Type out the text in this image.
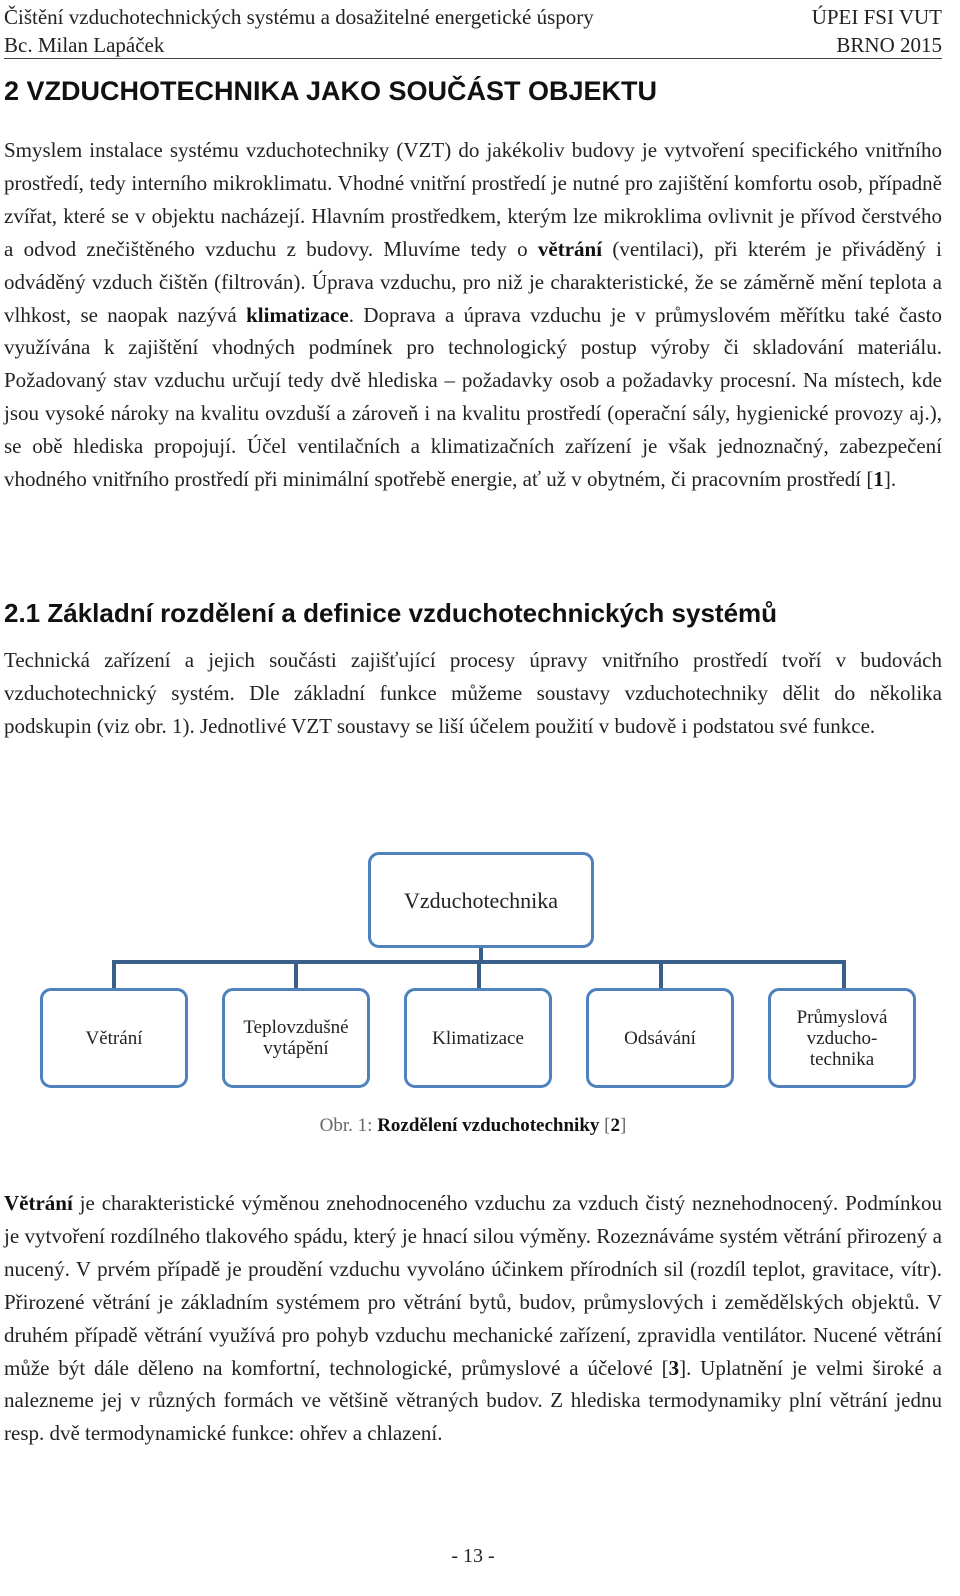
Čištění vzduchotechnických systému a dosažitelné energetické úspory	ÚPEI FSI VUT
Bc. Milan Lapáček	BRNO 2015
2 VZDUCHOTECHNIKA JAKO SOUČÁST OBJEKTU

Smyslem instalace systému vzduchotechniky (VZT) do jakékoliv budovy je vytvoření specifického vnitřního prostředí, tedy interního mikroklimatu. Vhodné vnitřní prostředí je nutné pro zajištění komfortu osob, případně zvířat, které se v objektu nacházejí. Hlavním prostředkem, kterým lze mikroklima ovlivnit je přívod čerstvého a odvod znečištěného vzduchu z budovy. Mluvíme tedy o větrání (ventilaci), při kterém je přiváděný i odváděný vzduch čištěn (filtrován). Úprava vzduchu, pro niž je charakteristické, že se záměrně mění teplota a vlhkost, se naopak nazývá klimatizace. Doprava a úprava vzduchu je v průmyslovém měřítku také často využívána k zajištění vhodných podmínek pro technologický postup výroby či skladování materiálu. Požadovaný stav vzduchu určují tedy dvě hlediska – požadavky osob a požadavky procesní. Na místech, kde jsou vysoké nároky na kvalitu ovzduší a zároveň i na kvalitu prostředí (operační sály, hygienické provozy aj.), se obě hlediska propojují. Účel ventilačních a klimatizačních zařízení je však jednoznačný, zabezpečení vhodného vnitřního prostředí při minimální spotřebě energie, ať už v obytném, či pracovním prostředí [1].

2.1 Základní rozdělení a definice vzduchotechnických systémů

Technická zařízení a jejich součásti zajišťující procesy úpravy vnitřního prostředí tvoří v budovách vzduchotechnický systém. Dle základní funkce můžeme soustavy vzduchotechniky dělit do několika podskupin (viz obr. 1). Jednotlivé VZT soustavy se liší účelem použití v budově i podstatou své funkce.

Vzduchotechnika
Větrání	Teplovzdušné
vytápění	Klimatizace	Odsávání
Průmyslová
vzducho-
technika
Obr. 1: Rozdělení vzduchotechniky [2]

Větrání je charakteristické výměnou znehodnoceného vzduchu za vzduch čistý neznehodnocený. Podmínkou je vytvoření rozdílného tlakového spádu, který je hnací silou výměny. Rozeznáváme systém větrání přirozený a nucený. V prvém případě je proudění vzduchu vyvoláno účinkem přírodních sil (rozdíl teplot, gravitace, vítr). Přirozené větrání je základním systémem pro větrání bytů, budov, průmyslových i zemědělských objektů. V druhém případě větrání využívá pro pohyb vzduchu mechanické zařízení, zpravidla ventilátor. Nucené větrání může být dále děleno na komfortní, technologické, průmyslové a účelové [3]. Uplatnění je velmi široké a nalezneme jej v různých formách ve většině větraných budov. Z hlediska termodynamiky plní větrání jednu resp. dvě termodynamické funkce: ohřev a chlazení.

- 13 -
